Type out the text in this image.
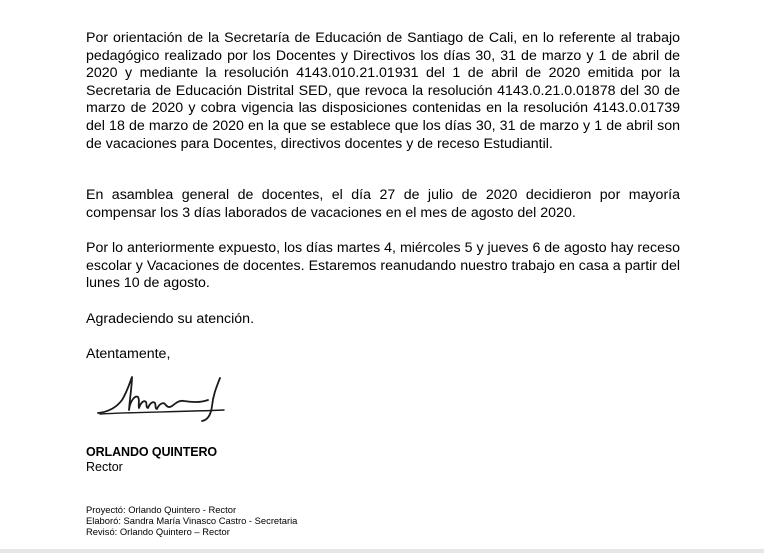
Por orientación de la Secretaría de Educación de Santiago de Cali, en lo referente al trabajo pedagógico realizado por los Docentes y Directivos los días 30, 31 de marzo y 1 de abril de 2020 y mediante la resolución 4143.010.21.01931 del 1 de abril de 2020 emitida por la Secretaria de Educación Distrital SED, que revoca la resolución 4143.0.21.0.01878 del 30 de marzo de 2020 y cobra vigencia las disposiciones contenidas en la resolución 4143.0.01739 del 18 de marzo de 2020 en la que se establece que los días 30, 31 de marzo y 1 de abril son de vacaciones para Docentes, directivos docentes y de receso Estudiantil.

En asamblea general de docentes, el día 27 de julio de 2020 decidieron por mayoría compensar los 3 días laborados de vacaciones en el mes de agosto del 2020.

Por lo anteriormente expuesto, los días martes 4, miércoles 5 y jueves 6 de agosto hay receso escolar y Vacaciones de docentes. Estaremos reanudando nuestro trabajo en casa a partir del lunes 10 de agosto.

Agradeciendo su atención.

Atentamente,

ORLANDO QUINTERO
Rector
Proyectó: Orlando Quintero - Rector
Elaboró: Sandra María Vinasco Castro - Secretaria
Revisó: Orlando Quintero – Rector
